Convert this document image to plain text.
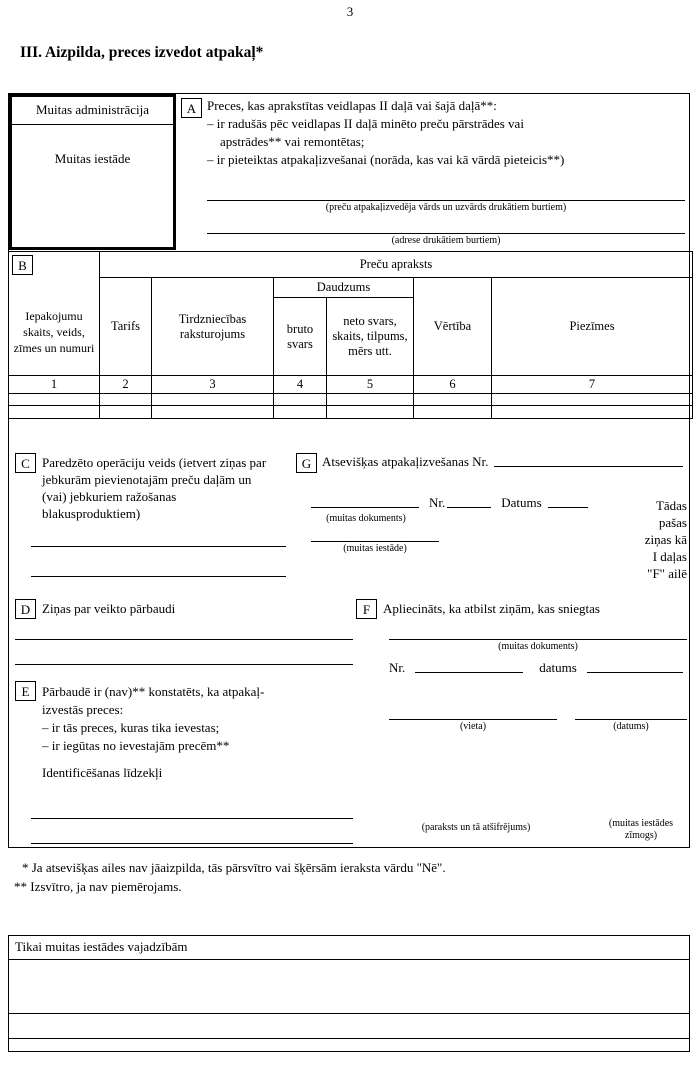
3
III. Aizpilda, preces izvedot atpakaļ*
Muitas administrācija
Muitas iestāde
A Preces, kas aprakstītas veidlapas II daļā vai šajā daļā**:
– ir radušās pēc veidlapas II daļā minēto preču pārstrādes vai
apstrādes** vai remontētas;
– ir pieteiktas atpakaļizvešanai (norāda, kas vai kā vārdā pieteicis**)
(preču atpakaļizvedēja vārds un uzvārds drukātiem burtiem)
(adrese drukātiem burtiem)
B
Iepakojumu skaits, veids, zīmes un numuri	Preču apraksts					
	Tarifs	Tirdzniecības raksturojums	Daudzums		Vērtība	Piezīmes
			bruto svars	neto svars, skaits, tilpums, mērs utt.		
1	2	3	4	5	6	7

C Paredzēto operāciju veids (ietvert ziņas par jebkurām pievienotajām preču daļām un (vai) jebkuriem ražošanas blakusproduktiem)
G Atsevišķas atpakaļizvešanas Nr.
Nr.	Datums
(muitas dokuments)
(muitas iestāde)
Tādas
pašas
ziņas kā
I daļas
"F" ailē
D Ziņas par veikto pārbaudi	F Apliecināts, ka atbilst ziņām, kas sniegtas
(muitas dokuments)
Nr.	datums
(vieta)	(datums)
E Pārbaudē ir (nav)** konstatēts, ka atpakaļ-
izvestās preces:
– ir tās preces, kuras tika ievestas;
– ir iegūtas no ievestajām precēm**
Identificēšanas līdzekļi
(paraksts un tā atšifrējums)	(muitas iestādes
zīmogs)
* Ja atsevišķas ailes nav jāaizpilda, tās pārsvītro vai šķērsām ieraksta vārdu "Nē".
** Izsvītro, ja nav piemērojams.
Tikai muitas iestādes vajadzībām
